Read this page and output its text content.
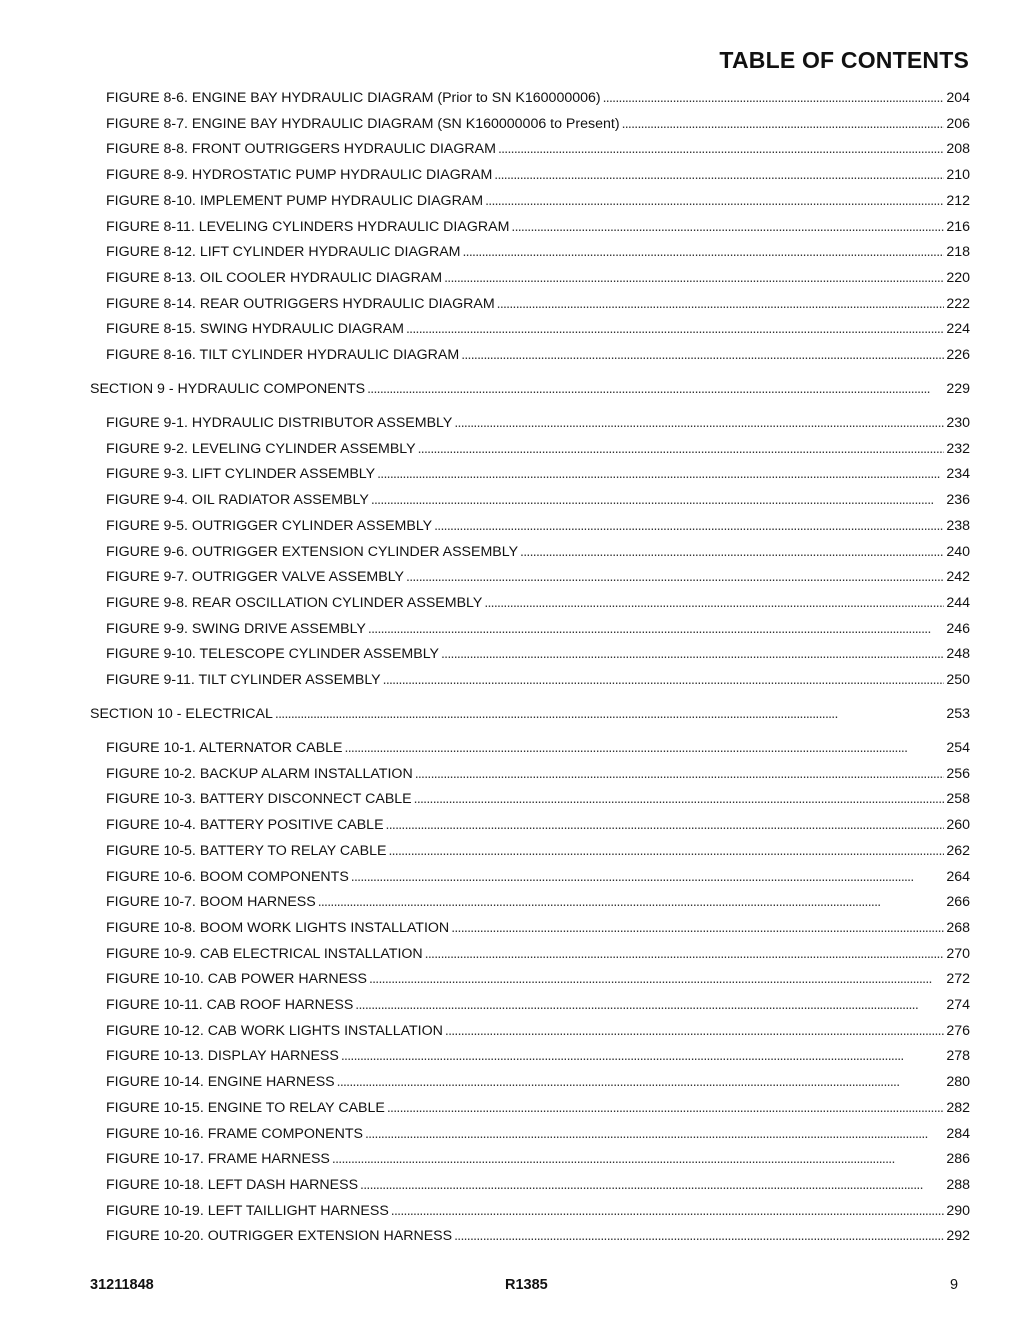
TABLE OF CONTENTS
FIGURE 8-6. ENGINE BAY HYDRAULIC DIAGRAM (Prior to SN K160000006) . . .	204
FIGURE 8-7. ENGINE BAY HYDRAULIC DIAGRAM (SN K160000006 to Present) . . .	206
FIGURE 8-8. FRONT OUTRIGGERS HYDRAULIC DIAGRAM . . .	208
FIGURE 8-9. HYDROSTATIC PUMP HYDRAULIC DIAGRAM . . .	210
FIGURE 8-10. IMPLEMENT PUMP HYDRAULIC DIAGRAM . . .	212
FIGURE 8-11. LEVELING CYLINDERS HYDRAULIC DIAGRAM . . .	216
FIGURE 8-12. LIFT CYLINDER HYDRAULIC DIAGRAM . . .	218
FIGURE 8-13. OIL COOLER HYDRAULIC DIAGRAM . . .	220
FIGURE 8-14. REAR OUTRIGGERS HYDRAULIC DIAGRAM . . .	222
FIGURE 8-15. SWING HYDRAULIC DIAGRAM . . .	224
FIGURE 8-16. TILT CYLINDER HYDRAULIC DIAGRAM . . .	226
SECTION 9 - HYDRAULIC COMPONENTS . . .	229
FIGURE 9-1. HYDRAULIC DISTRIBUTOR ASSEMBLY . . .	230
FIGURE 9-2. LEVELING CYLINDER ASSEMBLY . . .	232
FIGURE 9-3. LIFT CYLINDER ASSEMBLY . . .	234
FIGURE 9-4. OIL RADIATOR ASSEMBLY . . .	236
FIGURE 9-5. OUTRIGGER CYLINDER ASSEMBLY . . .	238
FIGURE 9-6. OUTRIGGER EXTENSION CYLINDER ASSEMBLY . . .	240
FIGURE 9-7. OUTRIGGER VALVE ASSEMBLY . . .	242
FIGURE 9-8. REAR OSCILLATION CYLINDER ASSEMBLY . . .	244
FIGURE 9-9. SWING DRIVE ASSEMBLY . . .	246
FIGURE 9-10. TELESCOPE CYLINDER ASSEMBLY . . .	248
FIGURE 9-11. TILT CYLINDER ASSEMBLY . . .	250
SECTION 10 - ELECTRICAL . . .	253
FIGURE 10-1. ALTERNATOR CABLE . . .	254
FIGURE 10-2. BACKUP ALARM INSTALLATION . . .	256
FIGURE 10-3. BATTERY DISCONNECT CABLE . . .	258
FIGURE 10-4. BATTERY POSITIVE CABLE . . .	260
FIGURE 10-5. BATTERY TO RELAY CABLE . . .	262
FIGURE 10-6. BOOM COMPONENTS . . .	264
FIGURE 10-7. BOOM HARNESS . . .	266
FIGURE 10-8. BOOM WORK LIGHTS INSTALLATION . . .	268
FIGURE 10-9. CAB ELECTRICAL INSTALLATION . . .	270
FIGURE 10-10. CAB POWER HARNESS . . .	272
FIGURE 10-11. CAB ROOF HARNESS . . .	274
FIGURE 10-12. CAB WORK LIGHTS INSTALLATION . . .	276
FIGURE 10-13. DISPLAY HARNESS . . .	278
FIGURE 10-14. ENGINE HARNESS . . .	280
FIGURE 10-15. ENGINE TO RELAY CABLE . . .	282
FIGURE 10-16. FRAME COMPONENTS . . .	284
FIGURE 10-17. FRAME HARNESS . . .	286
FIGURE 10-18. LEFT DASH HARNESS . . .	288
FIGURE 10-19. LEFT TAILLIGHT HARNESS . . .	290
FIGURE 10-20. OUTRIGGER EXTENSION HARNESS . . .	292
31211848	R1385	9
